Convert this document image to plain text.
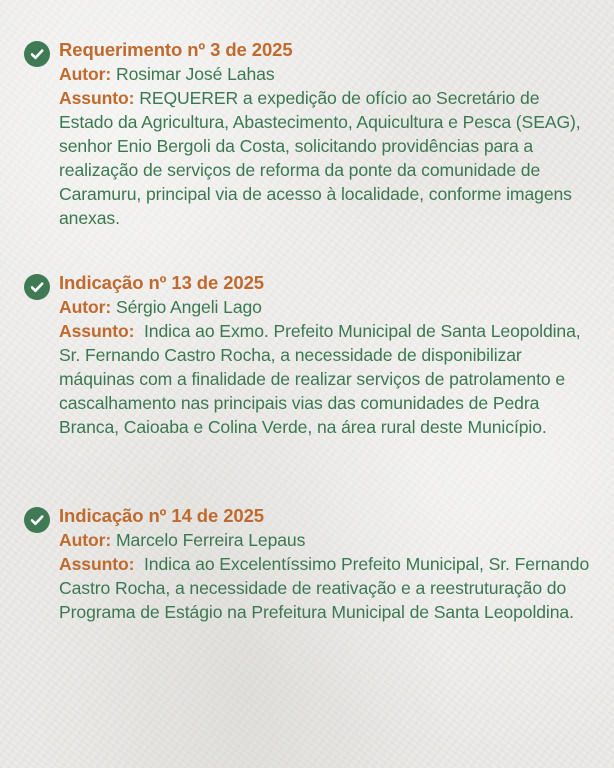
Requerimento nº 3 de 2025
Autor: Rosimar José Lahas
Assunto: REQUERER a expedição de ofício ao Secretário de Estado da Agricultura, Abastecimento, Aquicultura e Pesca (SEAG), senhor Enio Bergoli da Costa, solicitando providências para a realização de serviços de reforma da ponte da comunidade de Caramuru, principal via de acesso à localidade, conforme imagens anexas.
Indicação nº 13 de 2025
Autor: Sérgio Angeli Lago
Assunto:  Indica ao Exmo. Prefeito Municipal de Santa Leopoldina, Sr. Fernando Castro Rocha, a necessidade de disponibilizar máquinas com a finalidade de realizar serviços de patrolamento e cascalhamento nas principais vias das comunidades de Pedra Branca, Caioaba e Colina Verde, na área rural deste Município.
Indicação nº 14 de 2025
Autor: Marcelo Ferreira Lepaus
Assunto:  Indica ao Excelentíssimo Prefeito Municipal, Sr. Fernando Castro Rocha, a necessidade de reativação e a reestruturação do Programa de Estágio na Prefeitura Municipal de Santa Leopoldina.
